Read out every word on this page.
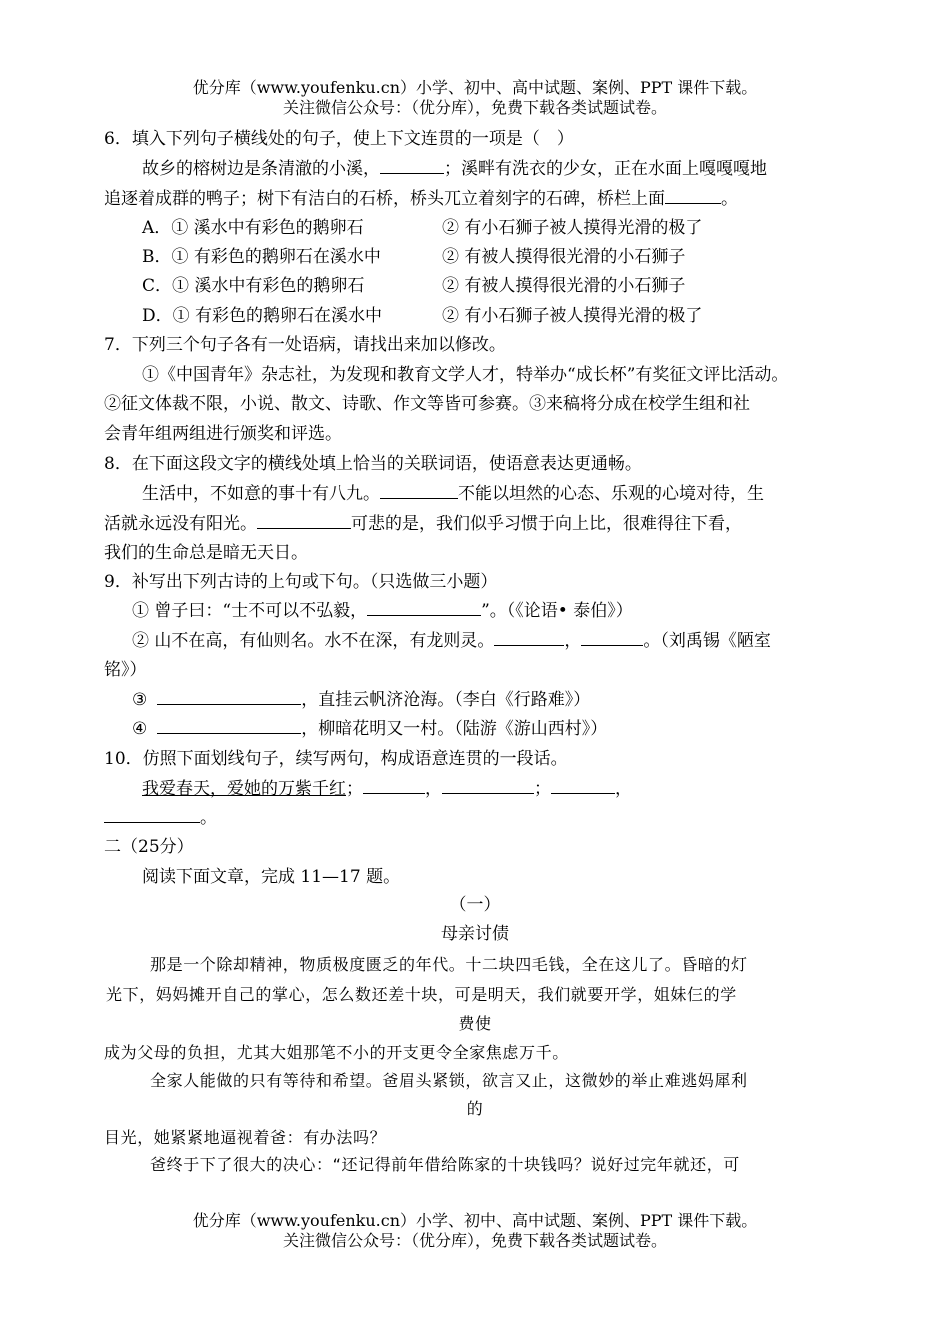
优分库（www.youfenku.cn）小学、初中、高中试题、案例、PPT 课件下载。
关注微信公众号：（优分库），免费下载各类试题试卷。
6．填入下列句子横线处的句子，使上下文连贯的一项是（　）
故乡的榕树边是条清澈的小溪，	；溪畔有洗衣的少女，正在水面上嘎嘎嘎地
追逐着成群的鸭子；树下有洁白的石桥，桥头兀立着刻字的石碑，桥栏上面	。
A．① 溪水中有彩色的鹅卵石	② 有小石狮子被人摸得光滑的极了
B．① 有彩色的鹅卵石在溪水中	② 有被人摸得很光滑的小石狮子
C．① 溪水中有彩色的鹅卵石	② 有被人摸得很光滑的小石狮子
D．① 有彩色的鹅卵石在溪水中	② 有小石狮子被人摸得光滑的极了
7．下列三个句子各有一处语病，请找出来加以修改。
①《中国青年》杂志社，为发现和教育文学人才，特举办“成长杯”有奖征文评比活动。
②征文体裁不限，小说、散文、诗歌、作文等皆可参赛。③来稿将分成在校学生组和社
会青年组两组进行颁奖和评选。
8．在下面这段文字的横线处填上恰当的关联词语，使语意表达更通畅。
生活中，不如意的事十有八九。	不能以坦然的心态、乐观的心境对待，生
活就永远没有阳光。	可悲的是，我们似乎习惯于向上比，很难得往下看，
我们的生命总是暗无天日。
9．补写出下列古诗的上句或下句。（只选做三小题）
① 曾子曰：“士不可以不弘毅，	”。（《论语• 泰伯》）
② 山不在高，有仙则名。水不在深，有龙则灵。	，	。（刘禹锡《陋室
铭》）
③	，直挂云帆济沧海。（李白《行路难》）
④	，柳暗花明又一村。（陆游《游山西村》）
10．仿照下面划线句子，续写两句，构成语意连贯的一段话。
我爱春天，爱她的万紫千红；	，	；	，
。
二（25分）
阅读下面文章，完成 11—17 题。
（一）
母亲讨债
那是一个除却精神，物质极度匮乏的年代。十二块四毛钱，全在这儿了。昏暗的灯
光下，妈妈摊开自己的掌心，怎么数还差十块，可是明天，我们就要开学，姐妹仨的学
费使
成为父母的负担，尤其大姐那笔不小的开支更令全家焦虑万千。
全家人能做的只有等待和希望。爸眉头紧锁，欲言又止，这微妙的举止难逃妈犀利
的
目光，她紧紧地逼视着爸：有办法吗？
爸终于下了很大的决心：“还记得前年借给陈家的十块钱吗？说好过完年就还，可
优分库（www.youfenku.cn）小学、初中、高中试题、案例、PPT 课件下载。
关注微信公众号：（优分库），免费下载各类试题试卷。
